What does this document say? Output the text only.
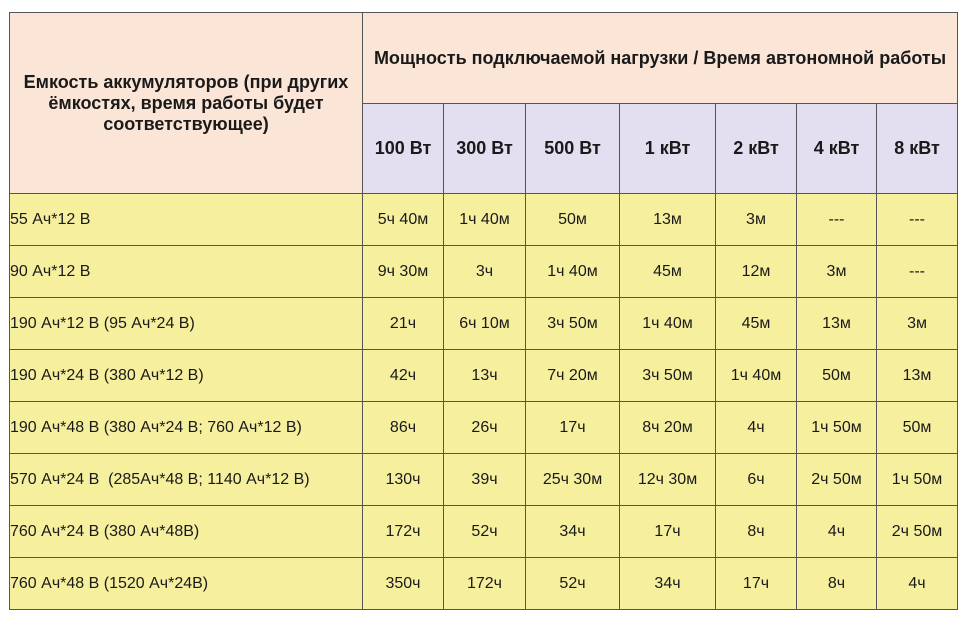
Емкость аккумуляторов (при других ёмкостях, время работы будет соответствующее)	Мощность подключаемой нагрузки / Время автономной работы						
	100 Вт	300 Вт	500 Вт	1 кВт	2 кВт	4 кВт	8 кВт
55 Ач*12 В	5ч 40м	1ч 40м	50м	13м	3м	---	---
90 Ач*12 В	9ч 30м	3ч	1ч 40м	45м	12м	3м	---
190 Ач*12 В (95 Ач*24 В)	21ч	6ч 10м	3ч 50м	1ч 40м	45м	13м	3м
190 Ач*24 В (380 Ач*12 В)	42ч	13ч	7ч 20м	3ч 50м	1ч 40м	50м	13м
190 Ач*48 В (380 Ач*24 В; 760 Ач*12 В)	86ч	26ч	17ч	8ч 20м	4ч	1ч 50м	50м
570 Ач*24 В  (285Ач*48 В; 1140 Ач*12 В)	130ч	39ч	25ч 30м	12ч 30м	6ч	2ч 50м	1ч 50м
760 Ач*24 В (380 Ач*48В)	172ч	52ч	34ч	17ч	8ч	4ч	2ч 50м
760 Ач*48 В (1520 Ач*24В)	350ч	172ч	52ч	34ч	17ч	8ч	4ч
